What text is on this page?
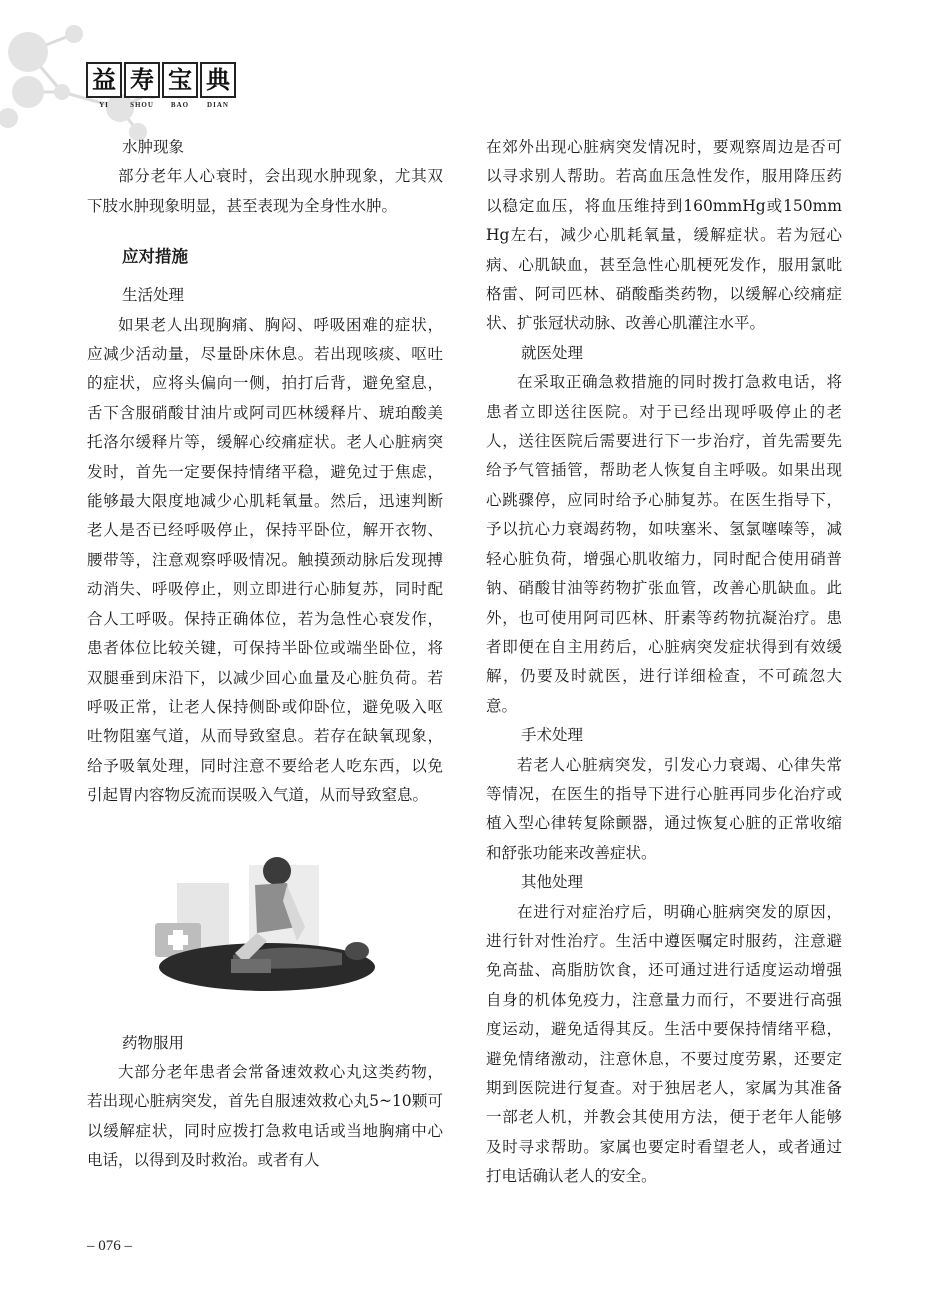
益 寿 宝 典
YI	SHOU	BAO	DIAN

水肿现象

部分老年人心衰时，会出现水肿现象，尤其双下肢水肿现象明显，甚至表现为全身性水肿。

应对措施

生活处理

如果老人出现胸痛、胸闷、呼吸困难的症状，应减少活动量，尽量卧床休息。若出现咳痰、呕吐的症状，应将头偏向一侧，拍打后背，避免窒息，舌下含服硝酸甘油片或阿司匹林缓释片、琥珀酸美托洛尔缓释片等，缓解心绞痛症状。老人心脏病突发时，首先一定要保持情绪平稳，避免过于焦虑，能够最大限度地减少心肌耗氧量。然后，迅速判断老人是否已经呼吸停止，保持平卧位，解开衣物、腰带等，注意观察呼吸情况。触摸颈动脉后发现搏动消失、呼吸停止，则立即进行心肺复苏，同时配合人工呼吸。保持正确体位，若为急性心衰发作，患者体位比较关键，可保持半卧位或端坐卧位，将双腿垂到床沿下，以减少回心血量及心脏负荷。若呼吸正常，让老人保持侧卧或仰卧位，避免吸入呕吐物阻塞气道，从而导致窒息。若存在缺氧现象，给予吸氧处理，同时注意不要给老人吃东西，以免引起胃内容物反流而误吸入气道，从而导致窒息。

药物服用

大部分老年患者会常备速效救心丸这类药物，若出现心脏病突发，首先自服速效救心丸5~10颗可以缓解症状，同时应拨打急救电话或当地胸痛中心电话，以得到及时救治。或者有人

在郊外出现心脏病突发情况时，要观察周边是否可以寻求别人帮助。若高血压急性发作，服用降压药以稳定血压，将血压维持到160mmHg或150mmHg左右，减少心肌耗氧量，缓解症状。若为冠心病、心肌缺血，甚至急性心肌梗死发作，服用氯吡格雷、阿司匹林、硝酸酯类药物，以缓解心绞痛症状、扩张冠状动脉、改善心肌灌注水平。

就医处理

在采取正确急救措施的同时拨打急救电话，将患者立即送往医院。对于已经出现呼吸停止的老人，送往医院后需要进行下一步治疗，首先需要先给予气管插管，帮助老人恢复自主呼吸。如果出现心跳骤停，应同时给予心肺复苏。在医生指导下，予以抗心力衰竭药物，如呋塞米、氢氯噻嗪等，减轻心脏负荷，增强心肌收缩力，同时配合使用硝普钠、硝酸甘油等药物扩张血管，改善心肌缺血。此外，也可使用阿司匹林、肝素等药物抗凝治疗。患者即便在自主用药后，心脏病突发症状得到有效缓解，仍要及时就医，进行详细检查，不可疏忽大意。

手术处理

若老人心脏病突发，引发心力衰竭、心律失常等情况，在医生的指导下进行心脏再同步化治疗或植入型心律转复除颤器，通过恢复心脏的正常收缩和舒张功能来改善症状。

其他处理

在进行对症治疗后，明确心脏病突发的原因，进行针对性治疗。生活中遵医嘱定时服药，注意避免高盐、高脂肪饮食，还可通过进行适度运动增强自身的机体免疫力，注意量力而行，不要进行高强度运动，避免适得其反。生活中要保持情绪平稳，避免情绪激动，注意休息，不要过度劳累，还要定期到医院进行复查。对于独居老人，家属为其准备一部老人机，并教会其使用方法，便于老年人能够及时寻求帮助。家属也要定时看望老人，或者通过打电话确认老人的安全。

– 076 –
